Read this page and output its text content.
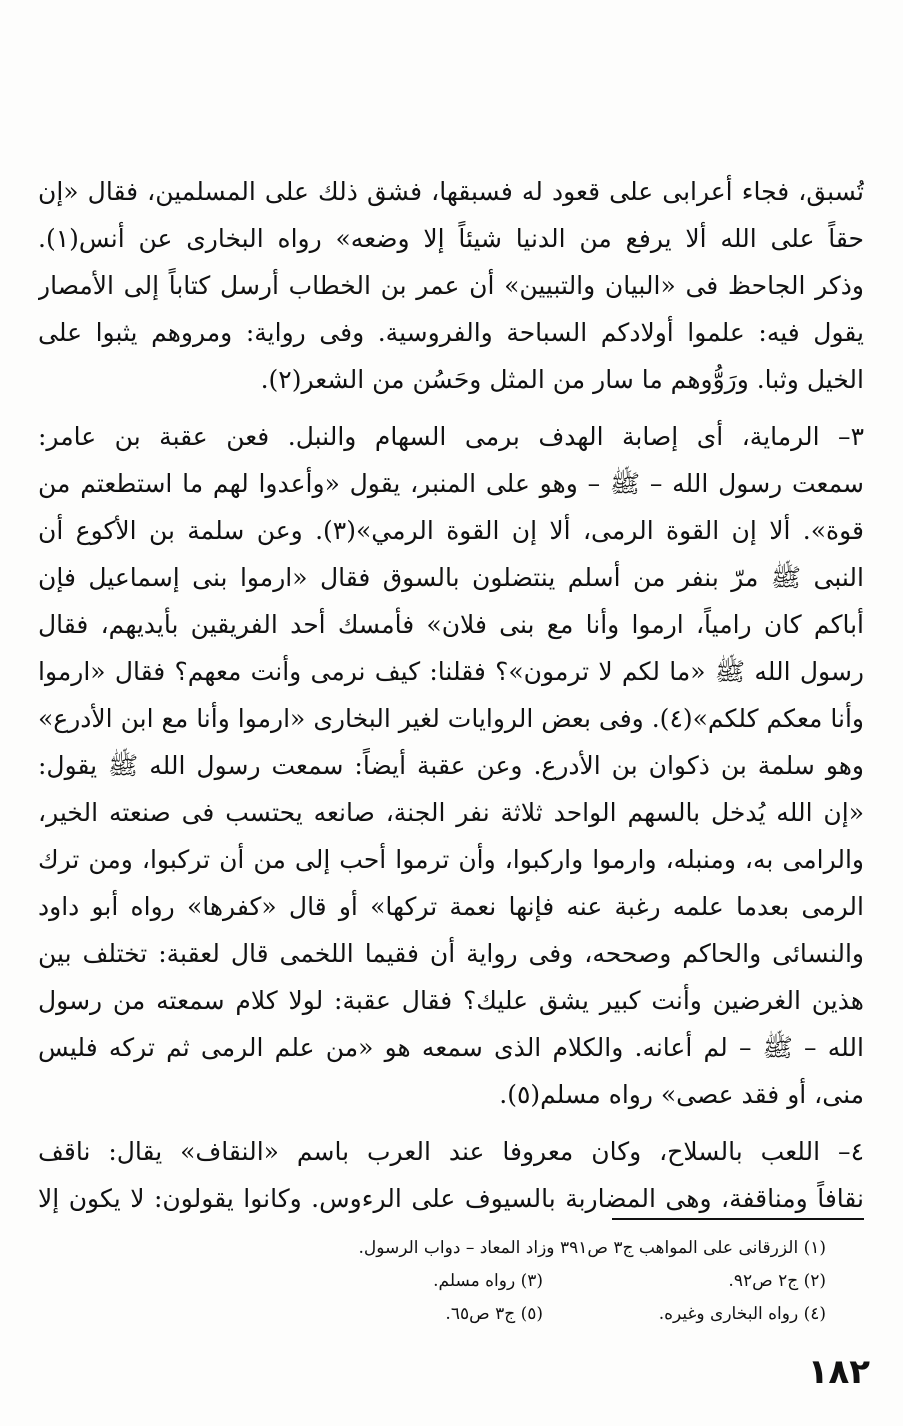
تُسبق، فجاء أعرابى على قعود له فسبقها، فشق ذلك على المسلمين، فقال «إن
حقاً على الله ألا يرفع من الدنيا شيئاً إلا وضعه» رواه البخارى عن أنس(١).
وذكر الجاحظ فى «البيان والتبيين» أن عمر بن الخطاب أرسل كتاباً إلى الأمصار
يقول فيه: علموا أولادكم السباحة والفروسية. وفى رواية: ومروهم يثبوا على
الخيل وثبا. ورَوُّوهم ما سار من المثل وحَسُن من الشعر(٢).
٣– الرماية، أى إصابة الهدف برمى السهام والنبل. فعن عقبة بن عامر:
سمعت رسول الله – ﷺ – وهو على المنبر، يقول «وأعدوا لهم ما استطعتم من
قوة». ألا إن القوة الرمى، ألا إن القوة الرمي»(٣). وعن سلمة بن الأكوع أن
النبى ﷺ مرّ بنفر من أسلم ينتضلون بالسوق فقال «ارموا بنى إسماعيل فإن
أباكم كان رامياً، ارموا وأنا مع بنى فلان» فأمسك أحد الفريقين بأيديهم، فقال
رسول الله ﷺ «ما لكم لا ترمون»؟ فقلنا: كيف نرمى وأنت معهم؟ فقال «ارموا
وأنا معكم كلكم»(٤). وفى بعض الروايات لغير البخارى «ارموا وأنا مع ابن الأدرع»
وهو سلمة بن ذكوان بن الأدرع. وعن عقبة أيضاً: سمعت رسول الله ﷺ يقول:
«إن الله يُدخل بالسهم الواحد ثلاثة نفر الجنة، صانعه يحتسب فى صنعته الخير،
والرامى به، ومنبله، وارموا واركبوا، وأن ترموا أحب إلى من أن تركبوا، ومن ترك
الرمى بعدما علمه رغبة عنه فإنها نعمة تركها» أو قال «كفرها» رواه أبو داود
والنسائى والحاكم وصححه، وفى رواية أن فقيما اللخمى قال لعقبة: تختلف بين
هذين الغرضين وأنت كبير يشق عليك؟ فقال عقبة: لولا كلام سمعته من رسول
الله – ﷺ – لم أعانه. والكلام الذى سمعه هو «من علم الرمى ثم تركه فليس
منى، أو فقد عصى» رواه مسلم(٥).
٤– اللعب بالسلاح، وكان معروفا عند العرب باسم «النقاف» يقال: ناقف
نقافاً ومناقفة، وهى المضاربة بالسيوف على الرءوس. وكانوا يقولون: لا يكون إلا
(١) الزرقانى على المواهب ج٣ ص٣٩١ وزاد المعاد – دواب الرسول.
(٢) ج٢ ص٩٢.
(٣) رواه مسلم.
(٤) رواه البخارى وغيره.
(٥) ج٣ ص٦٥.
١٨٢
